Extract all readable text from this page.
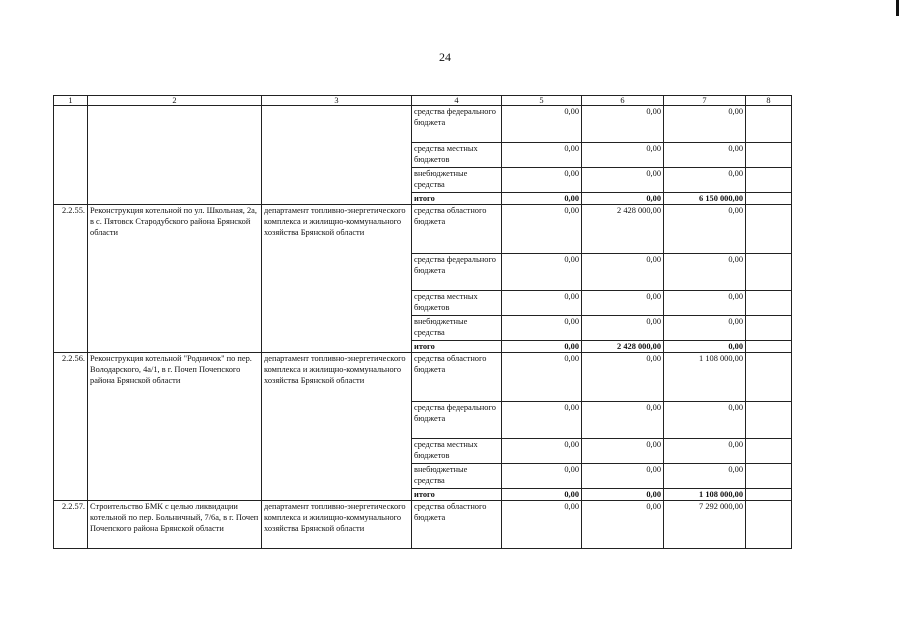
24
1	2	3	4	5	6	7	8
			средства федерального бюджета	0,00	0,00	0,00	
			средства местных бюджетов	0,00	0,00	0,00	
			внебюджетные средства	0,00	0,00	0,00	
			итого	0,00	0,00	6 150 000,00	
2.2.55.	Реконструкция котельной по ул. Школьная, 2а, в с. Пятовск Стародубского района Брянской области	департамент топливно-энергетического комплекса и жилищно-коммунального хозяйства Брянской области	средства областного бюджета	0,00	2 428 000,00	0,00	
			средства федерального бюджета	0,00	0,00	0,00	
			средства местных бюджетов	0,00	0,00	0,00	
			внебюджетные средства	0,00	0,00	0,00	
			итого	0,00	2 428 000,00	0,00	
2.2.56.	Реконструкция котельной "Родничок" по пер. Володарского, 4а/1, в г. Почеп Почепского района Брянской области	департамент топливно-энергетического комплекса и жилищно-коммунального хозяйства Брянской области	средства областного бюджета	0,00	0,00	1 108 000,00	
			средства федерального бюджета	0,00	0,00	0,00	
			средства местных бюджетов	0,00	0,00	0,00	
			внебюджетные средства	0,00	0,00	0,00	
			итого	0,00	0,00	1 108 000,00	
2.2.57.	Строительство БМК с целью ликвидации котельной по пер. Больничный, 7/6а, в г. Почеп Почепского района Брянской области	департамент топливно-энергетического комплекса и жилищно-коммунального хозяйства Брянской области	средства областного бюджета	0,00	0,00	7 292 000,00	
